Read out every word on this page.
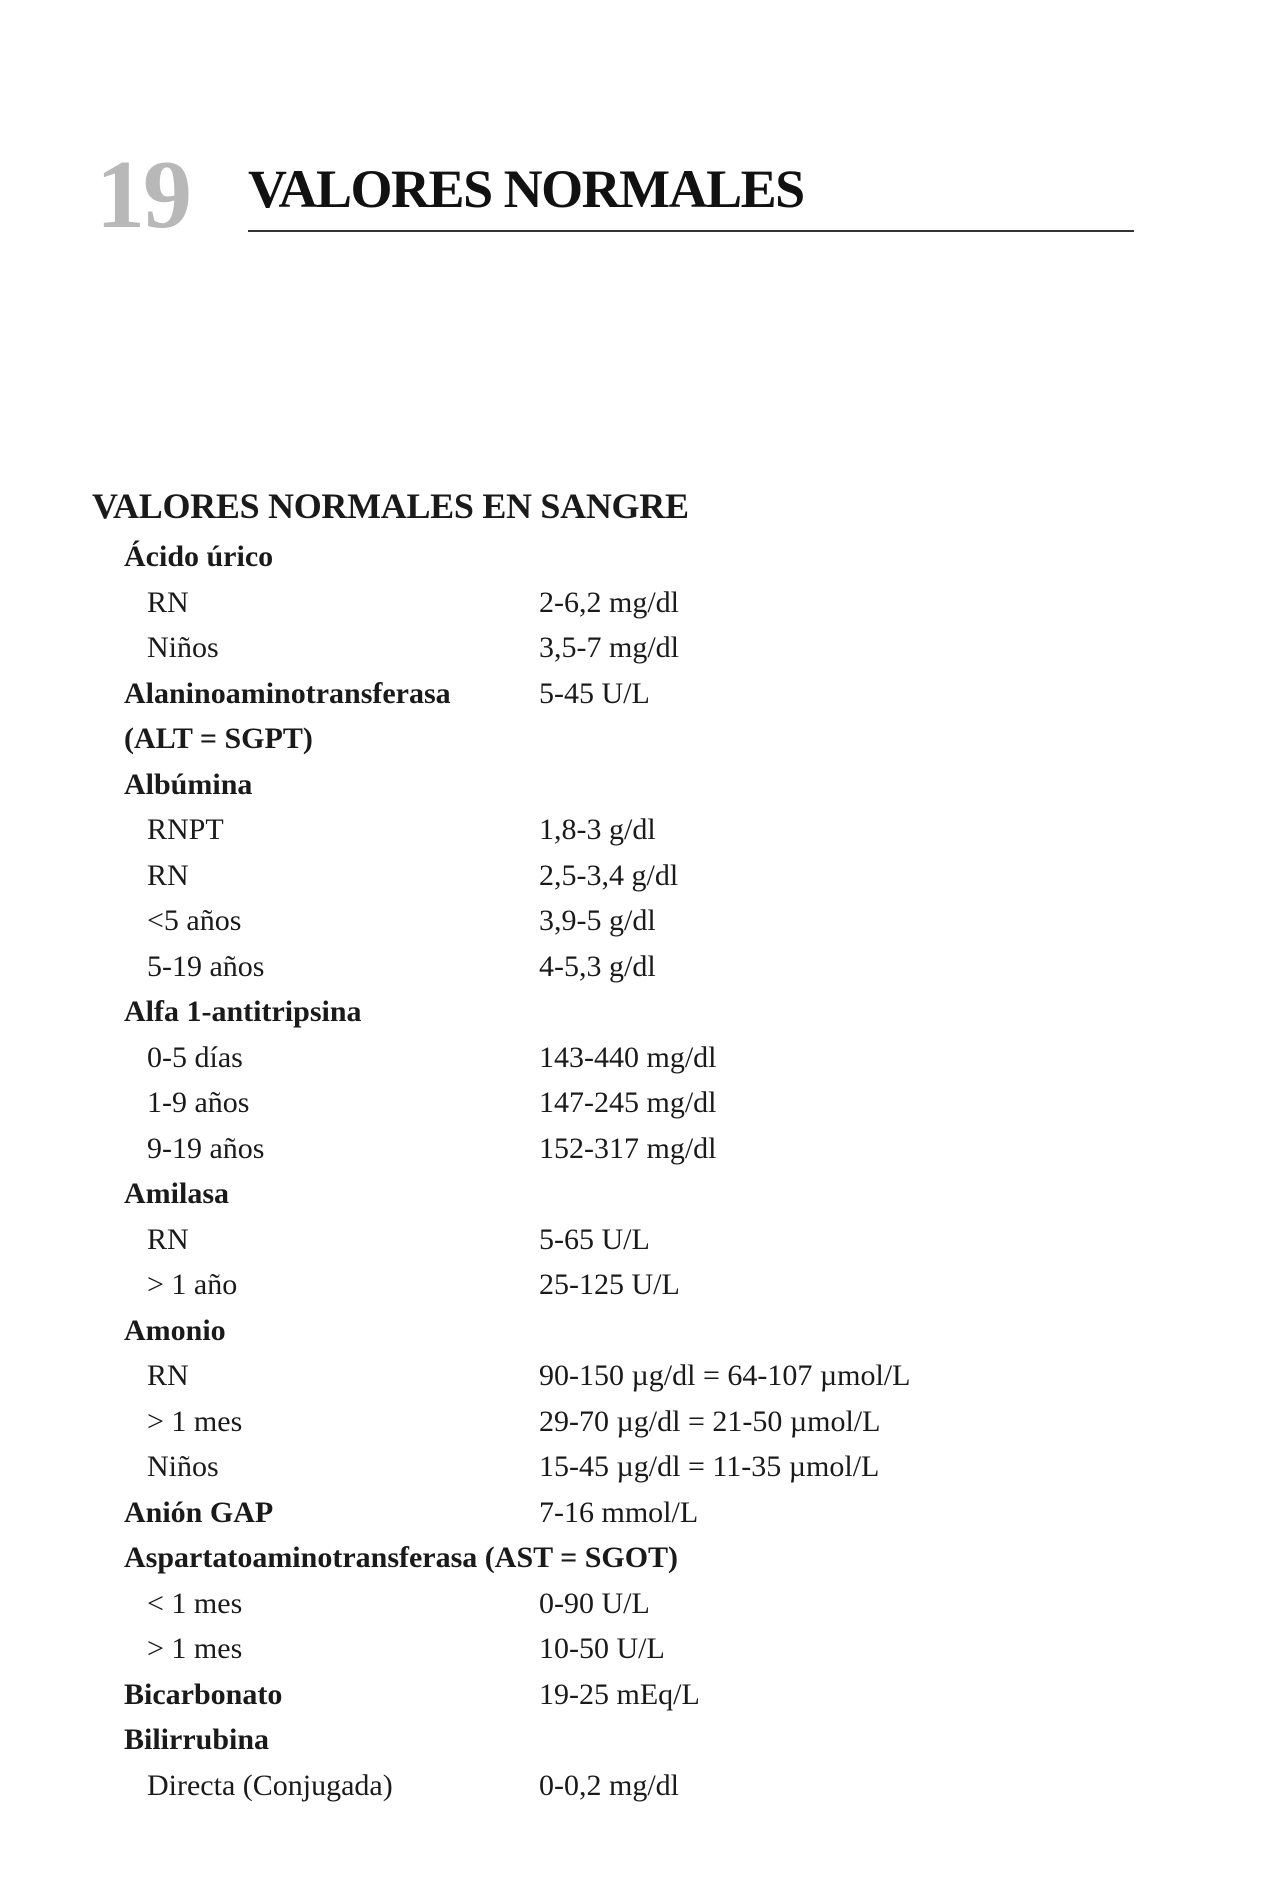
19 VALORES NORMALES
VALORES NORMALES EN SANGRE
Ácido úrico
RN	2-6,2 mg/dl
Niños	3,5-7 mg/dl
Alaninoaminotransferasa	5-45 U/L
(ALT = SGPT)
Albúmina
RNPT	1,8-3 g/dl
RN	2,5-3,4 g/dl
<5 años	3,9-5 g/dl
5-19 años	4-5,3 g/dl
Alfa 1-antitripsina
0-5 días	143-440 mg/dl
1-9 años	147-245 mg/dl
9-19 años	152-317 mg/dl
Amilasa
RN	5-65 U/L
> 1 año	25-125 U/L
Amonio
RN	90-150 µg/dl = 64-107 µmol/L
> 1 mes	29-70 µg/dl = 21-50 µmol/L
Niños	15-45 µg/dl = 11-35 µmol/L
Anión GAP	7-16 mmol/L
Aspartatoaminotransferasa (AST = SGOT)
< 1 mes	0-90 U/L
> 1 mes	10-50 U/L
Bicarbonato	19-25 mEq/L
Bilirrubina
Directa (Conjugada)	0-0,2 mg/dl
